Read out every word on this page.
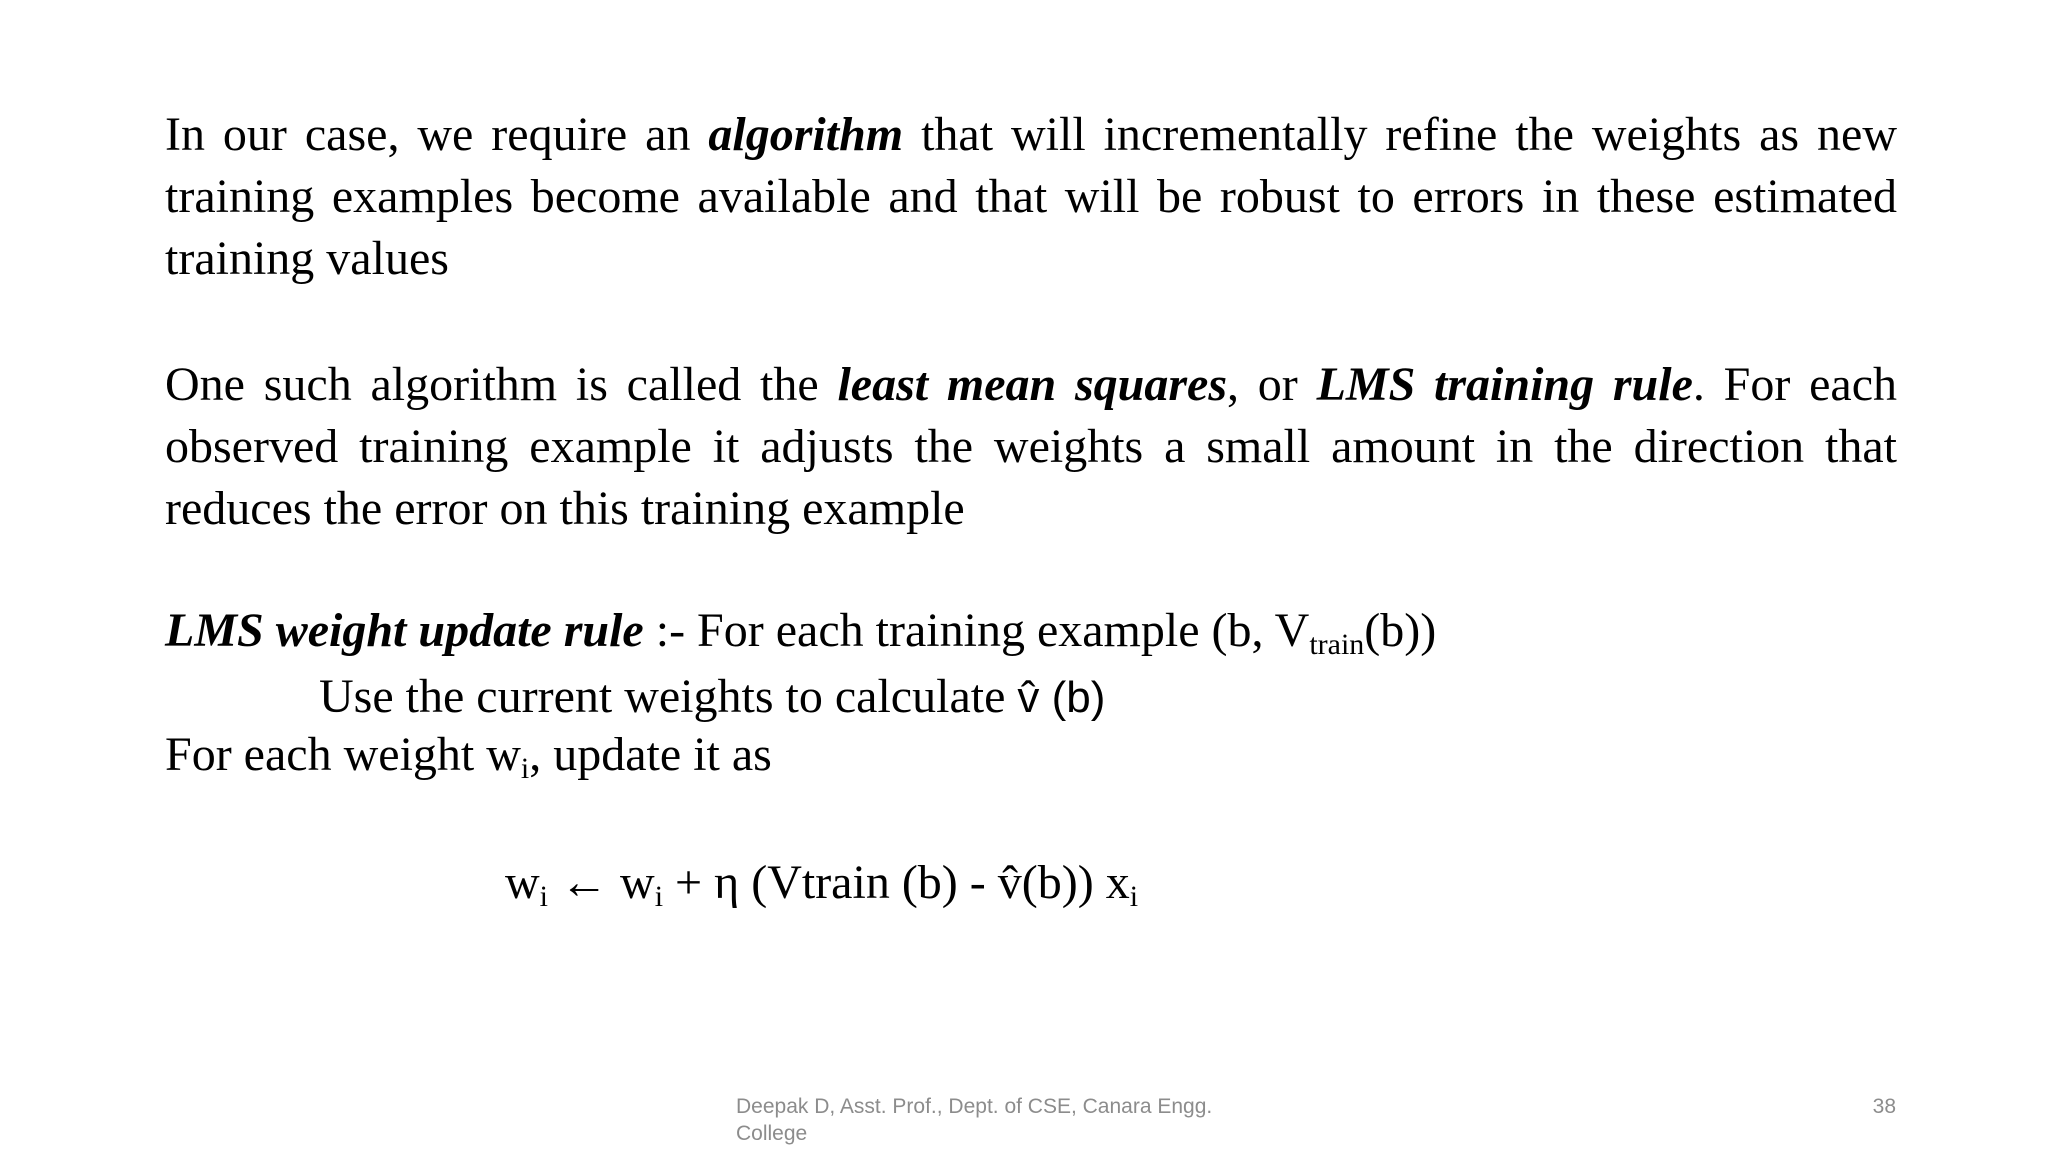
In our case, we require an algorithm that will incrementally refine the weights as new training examples become available and that will be robust to errors in these estimated training values
One such algorithm is called the least mean squares, or LMS training rule. For each observed training example it adjusts the weights a small amount in the direction that reduces the error on this training example
LMS weight update rule :- For each training example (b, $V_{train}(b)$)
Use the current weights to calculate v̂ (b)
For each weight $w_i$, update it as
$w_i$ ← $w_i + \eta$ (Vtrain (b) - v̂(b)) $x_i$
Deepak D, Asst. Prof., Dept. of CSE, Canara Engg. College
38
